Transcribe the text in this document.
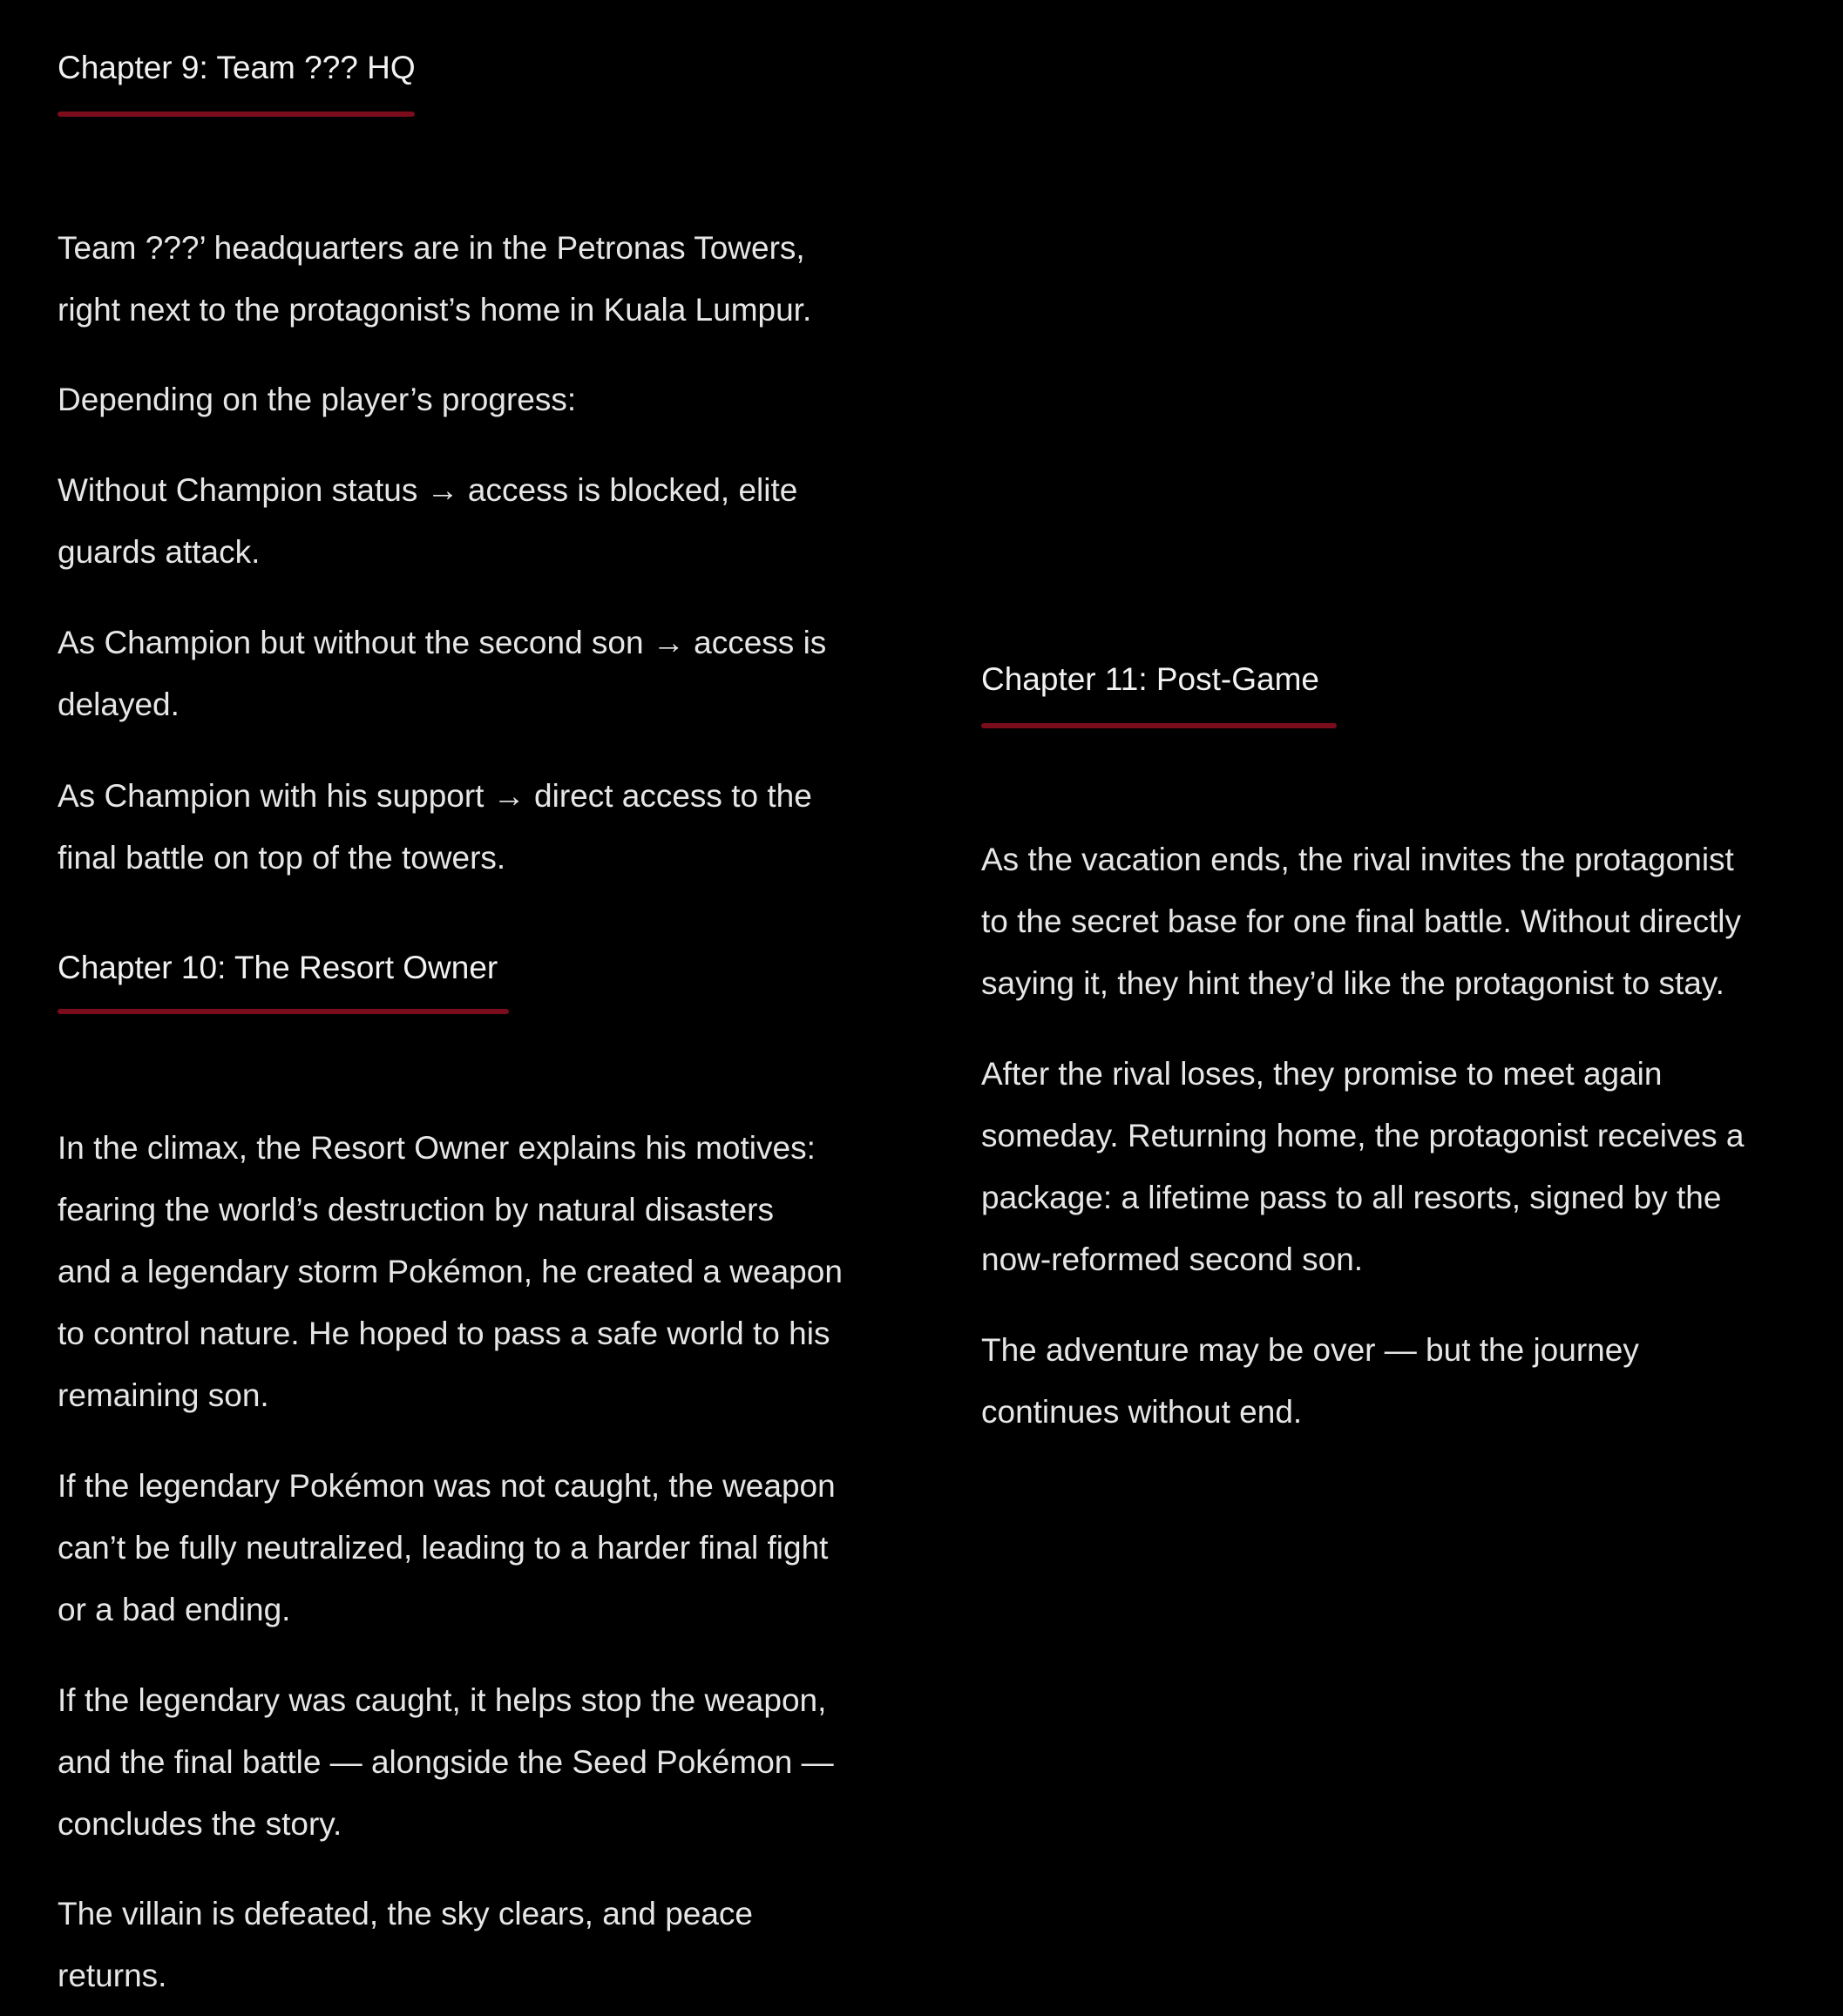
Chapter 9: Team ??? HQ

Team ???’ headquarters are in the Petronas Towers,
right next to the protagonist’s home in Kuala Lumpur.

Depending on the player’s progress:

Without Champion status → access is blocked, elite
guards attack.

As Champion but without the second son → access is
delayed.

As Champion with his support → direct access to the
final battle on top of the towers.

Chapter 10: The Resort Owner

In the climax, the Resort Owner explains his motives:
fearing the world’s destruction by natural disasters
and a legendary storm Pokémon, he created a weapon
to control nature. He hoped to pass a safe world to his
remaining son.

If the legendary Pokémon was not caught, the weapon
can’t be fully neutralized, leading to a harder final fight
or a bad ending.

If the legendary was caught, it helps stop the weapon,
and the final battle — alongside the Seed Pokémon —
concludes the story.

The villain is defeated, the sky clears, and peace
returns.

Chapter 11: Post-Game

As the vacation ends, the rival invites the protagonist
to the secret base for one final battle. Without directly
saying it, they hint they’d like the protagonist to stay.

After the rival loses, they promise to meet again
someday. Returning home, the protagonist receives a
package: a lifetime pass to all resorts, signed by the
now-reformed second son.

The adventure may be over — but the journey
continues without end.
